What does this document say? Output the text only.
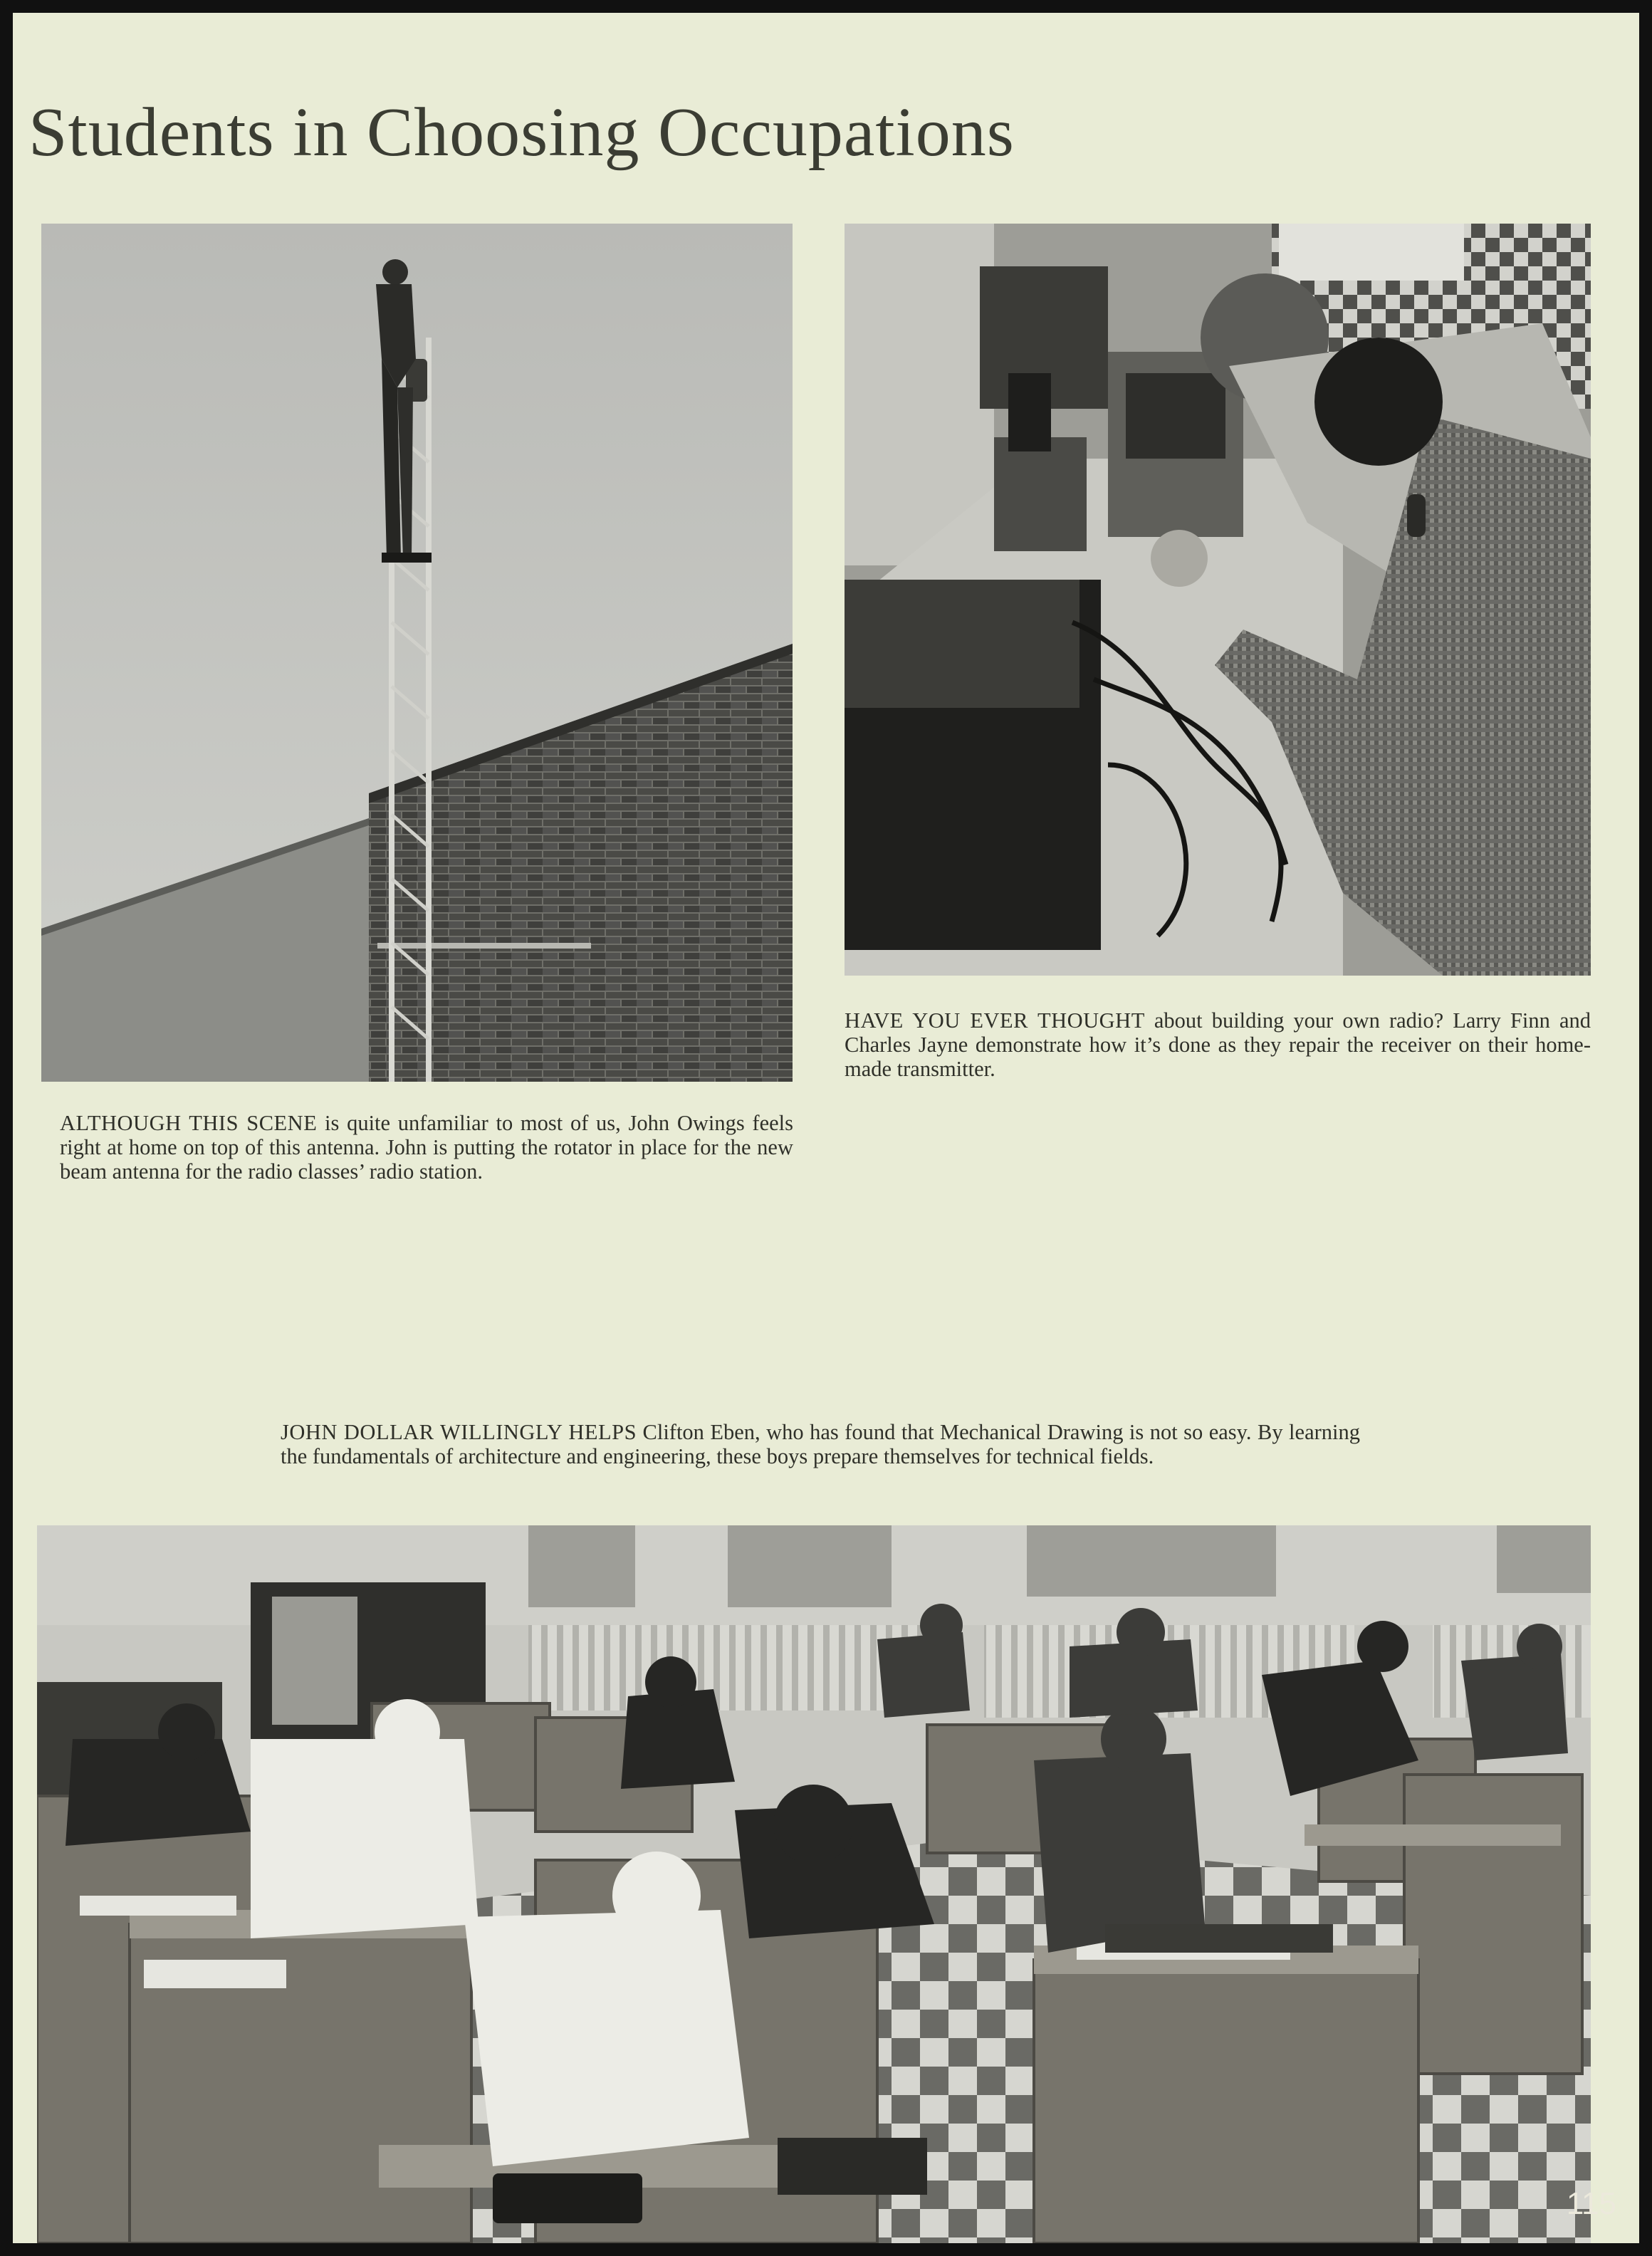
Students in Choosing Occupations

ALTHOUGH THIS SCENE is quite unfamiliar to most of us, John Owings feels right at home on top of this antenna. John is putting the rotator in place for the new beam antenna for the radio classes’ radio station.

HAVE YOU EVER THOUGHT about building your own radio? Larry Finn and Charles Jayne demonstrate how it’s done as they repair the receiver on their home-made transmitter.

JOHN DOLLAR WILLINGLY HELPS Clifton Eben, who has found that Mechanical Drawing is not so easy. By learning the fundamentals of architecture and engineering, these boys prepare themselves for technical fields.

115
